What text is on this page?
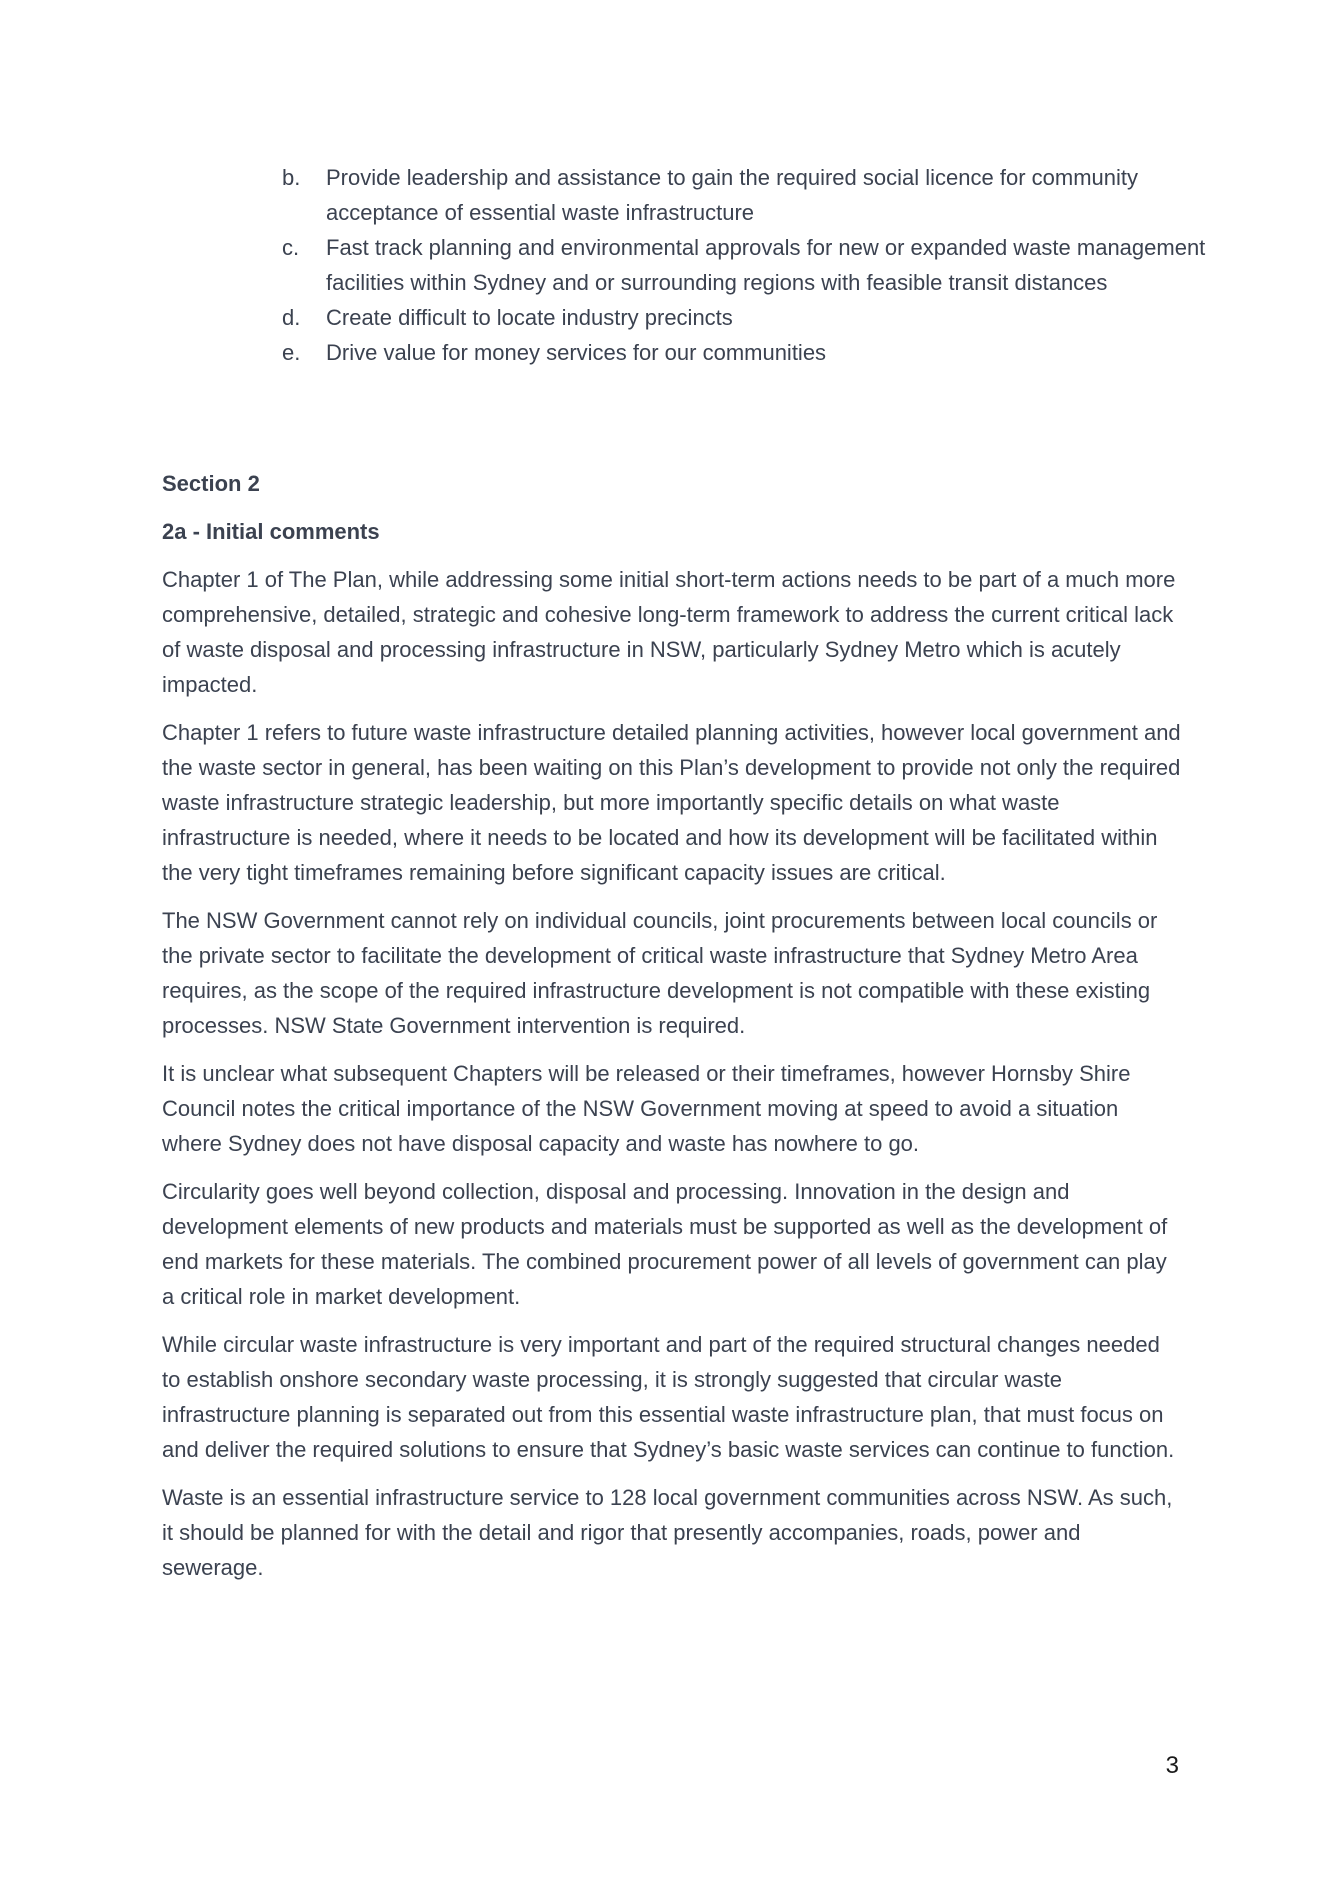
b. Provide leadership and assistance to gain the required social licence for community acceptance of essential waste infrastructure
c. Fast track planning and environmental approvals for new or expanded waste management facilities within Sydney and or surrounding regions with feasible transit distances
d. Create difficult to locate industry precincts
e. Drive value for money services for our communities

Section 2

2a - Initial comments

Chapter 1 of The Plan, while addressing some initial short-term actions needs to be part of a much more comprehensive, detailed, strategic and cohesive long-term framework to address the current critical lack of waste disposal and processing infrastructure in NSW, particularly Sydney Metro which is acutely impacted.

Chapter 1 refers to future waste infrastructure detailed planning activities, however local government and the waste sector in general, has been waiting on this Plan’s development to provide not only the required waste infrastructure strategic leadership, but more importantly specific details on what waste infrastructure is needed, where it needs to be located and how its development will be facilitated within the very tight timeframes remaining before significant capacity issues are critical.

The NSW Government cannot rely on individual councils, joint procurements between local councils or the private sector to facilitate the development of critical waste infrastructure that Sydney Metro Area requires, as the scope of the required infrastructure development is not compatible with these existing processes. NSW State Government intervention is required.

It is unclear what subsequent Chapters will be released or their timeframes, however Hornsby Shire Council notes the critical importance of the NSW Government moving at speed to avoid a situation where Sydney does not have disposal capacity and waste has nowhere to go.

Circularity goes well beyond collection, disposal and processing. Innovation in the design and development elements of new products and materials must be supported as well as the development of end markets for these materials. The combined procurement power of all levels of government can play a critical role in market development.

While circular waste infrastructure is very important and part of the required structural changes needed to establish onshore secondary waste processing, it is strongly suggested that circular waste infrastructure planning is separated out from this essential waste infrastructure plan, that must focus on and deliver the required solutions to ensure that Sydney’s basic waste services can continue to function.

Waste is an essential infrastructure service to 128 local government communities across NSW. As such, it should be planned for with the detail and rigor that presently accompanies, roads, power and sewerage.

3
